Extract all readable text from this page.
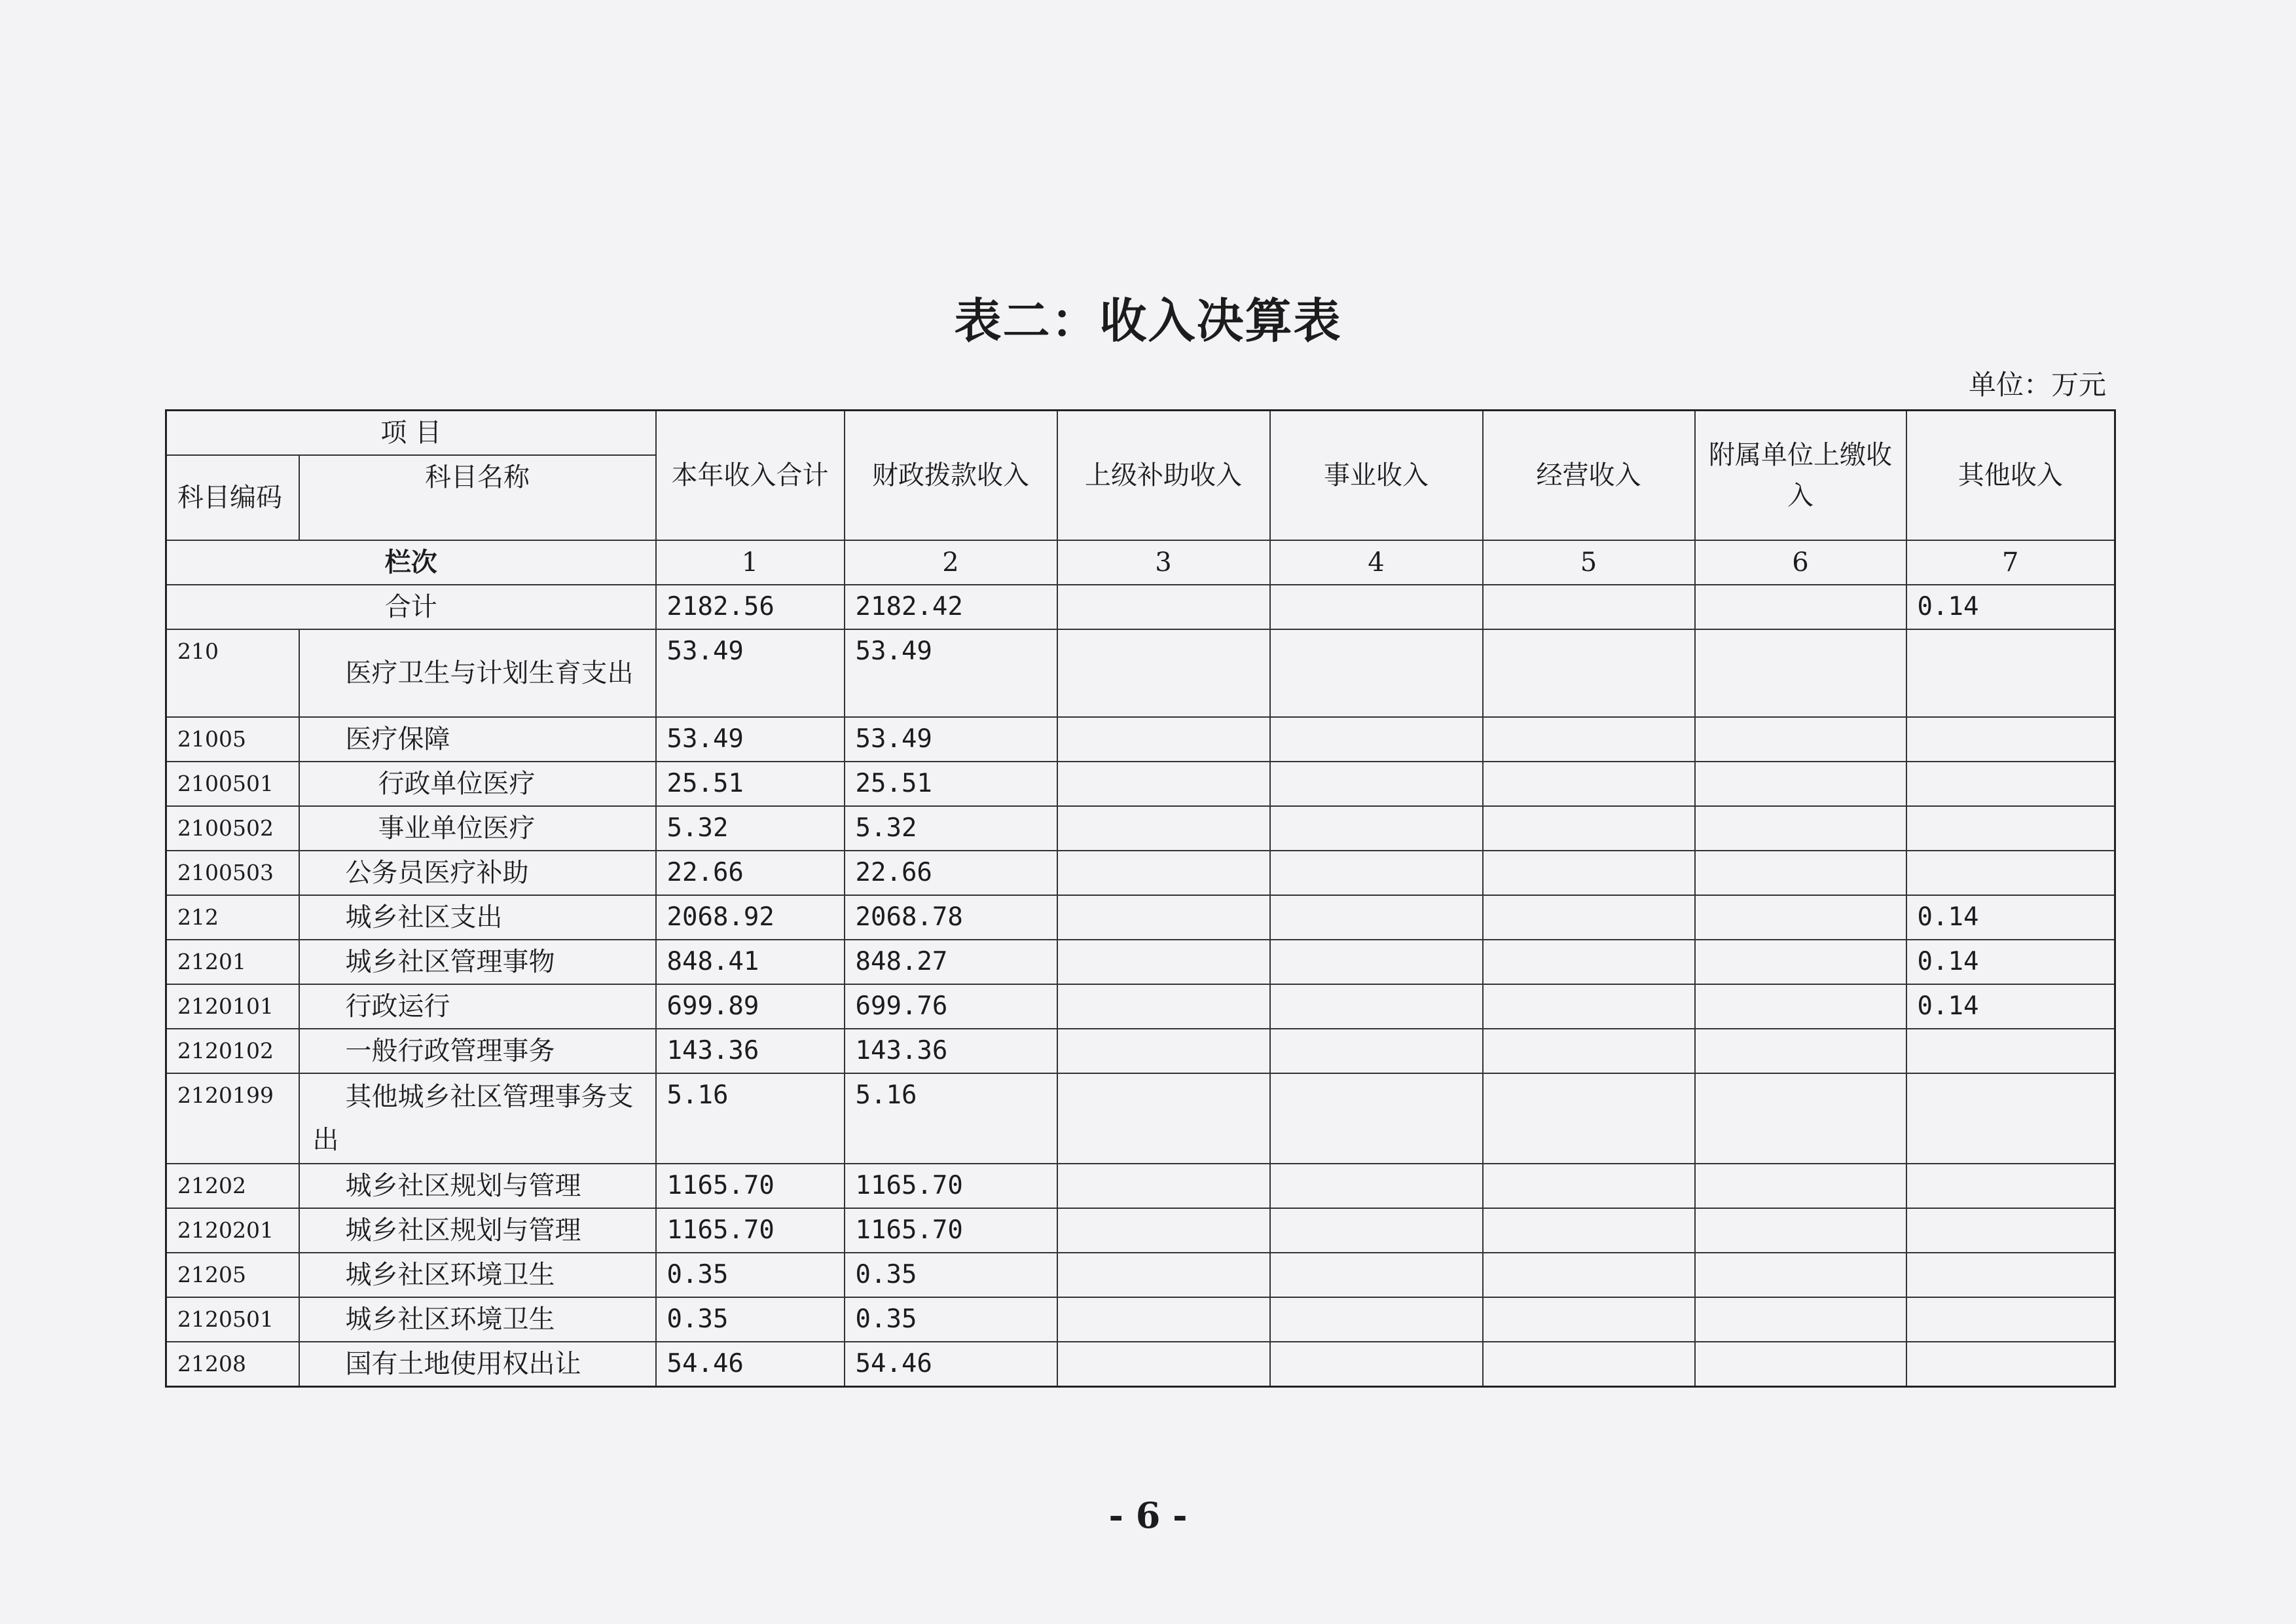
表二：收入决算表
单位：万元
项 目		本年收入合计	财政拨款收入	上级补助收入	事业收入	经营收入	附属单位上缴收入	其他收入
科目编码	科目名称							
栏次		1	2	3	4	5	6	7
合计		2182.56	2182.42					0.14
210	医疗卫生与计划生育支出	53.49	53.49					
21005	医疗保障	53.49	53.49					
2100501	行政单位医疗	25.51	25.51					
2100502	事业单位医疗	5.32	5.32					
2100503	公务员医疗补助	22.66	22.66					
212	城乡社区支出	2068.92	2068.78					0.14
21201	城乡社区管理事物	848.41	848.27					0.14
2120101	行政运行	699.89	699.76					0.14
2120102	一般行政管理事务	143.36	143.36					
2120199	其他城乡社区管理事务支出	5.16	5.16					
21202	城乡社区规划与管理	1165.70	1165.70					
2120201	城乡社区规划与管理	1165.70	1165.70					
21205	城乡社区环境卫生	0.35	0.35					
2120501	城乡社区环境卫生	0.35	0.35					
21208	国有土地使用权出让	54.46	54.46					
- 6 -
